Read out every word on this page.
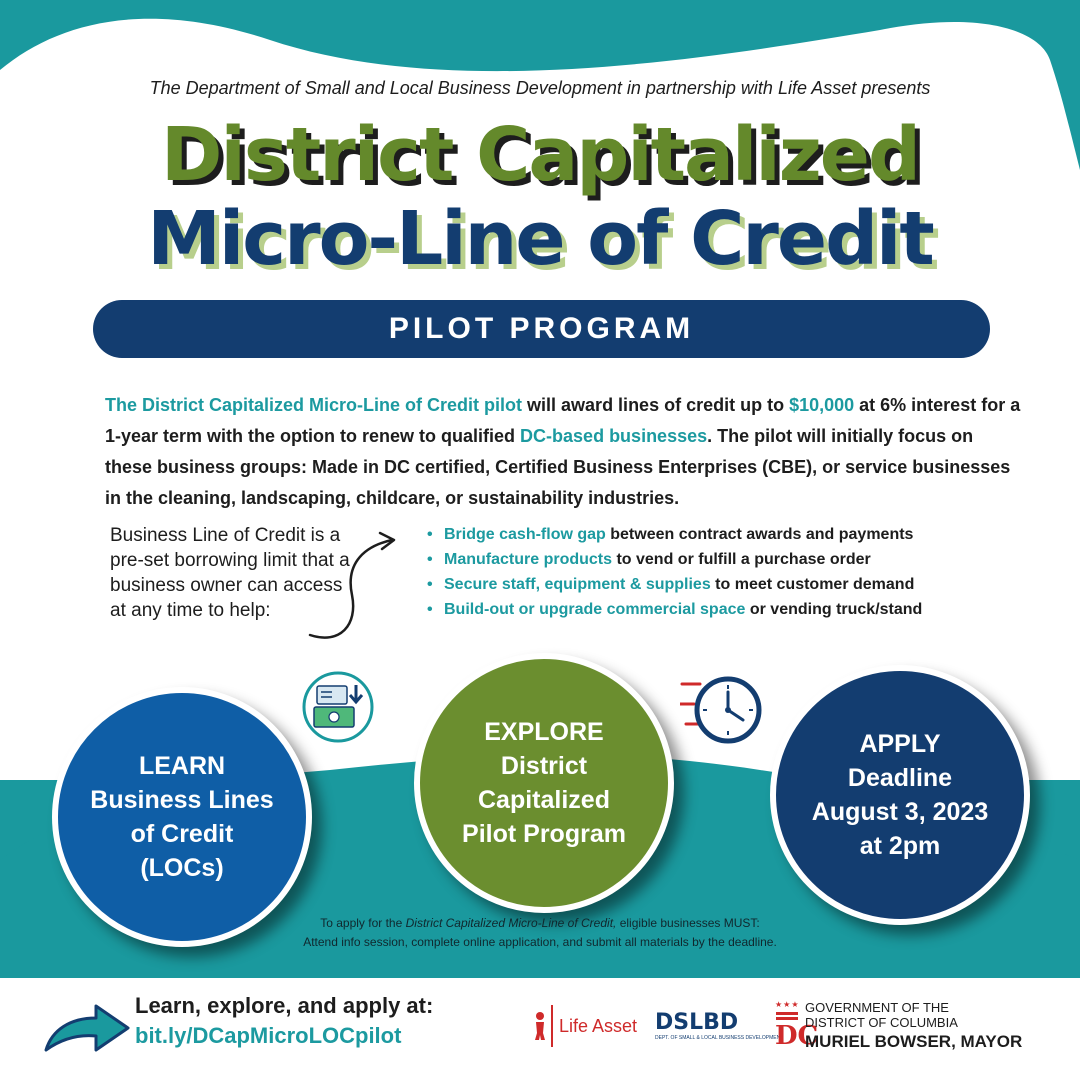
The Department of Small and Local Business Development in partnership with Life Asset presents
District Capitalized
Micro-Line of Credit
PILOT PROGRAM
The District Capitalized Micro-Line of Credit pilot will award lines of credit up to $10,000 at 6% interest for a 1-year term with the option to renew to qualified DC-based businesses. The pilot will initially focus on these business groups: Made in DC certified, Certified Business Enterprises (CBE), or service businesses in the cleaning, landscaping, childcare, or sustainability industries.
Business Line of Credit is a pre-set borrowing limit that a business owner can access at any time to help:
• Bridge cash-flow gap between contract awards and payments
• Manufacture products to vend or fulfill a purchase order
• Secure staff, equipment & supplies to meet customer demand
• Build-out or upgrade commercial space or vending truck/stand
LEARN
Business Lines
of Credit
(LOCs)
EXPLORE
District
Capitalized
Pilot Program
APPLY
Deadline
August 3, 2023
at 2pm
To apply for the District Capitalized Micro-Line of Credit, eligible businesses MUST:
Attend info session, complete online application, and submit all materials by the deadline.
Learn, explore, and apply at:
bit.ly/DCapMicroLOCpilot	Life Asset DSLBD
DEPT. OF SMALL & LOCAL BUSINESS DEVELOPMENT
★★★
DC
GOVERNMENT OF THE
DISTRICT OF COLUMBIA
MURIEL BOWSER, MAYOR
